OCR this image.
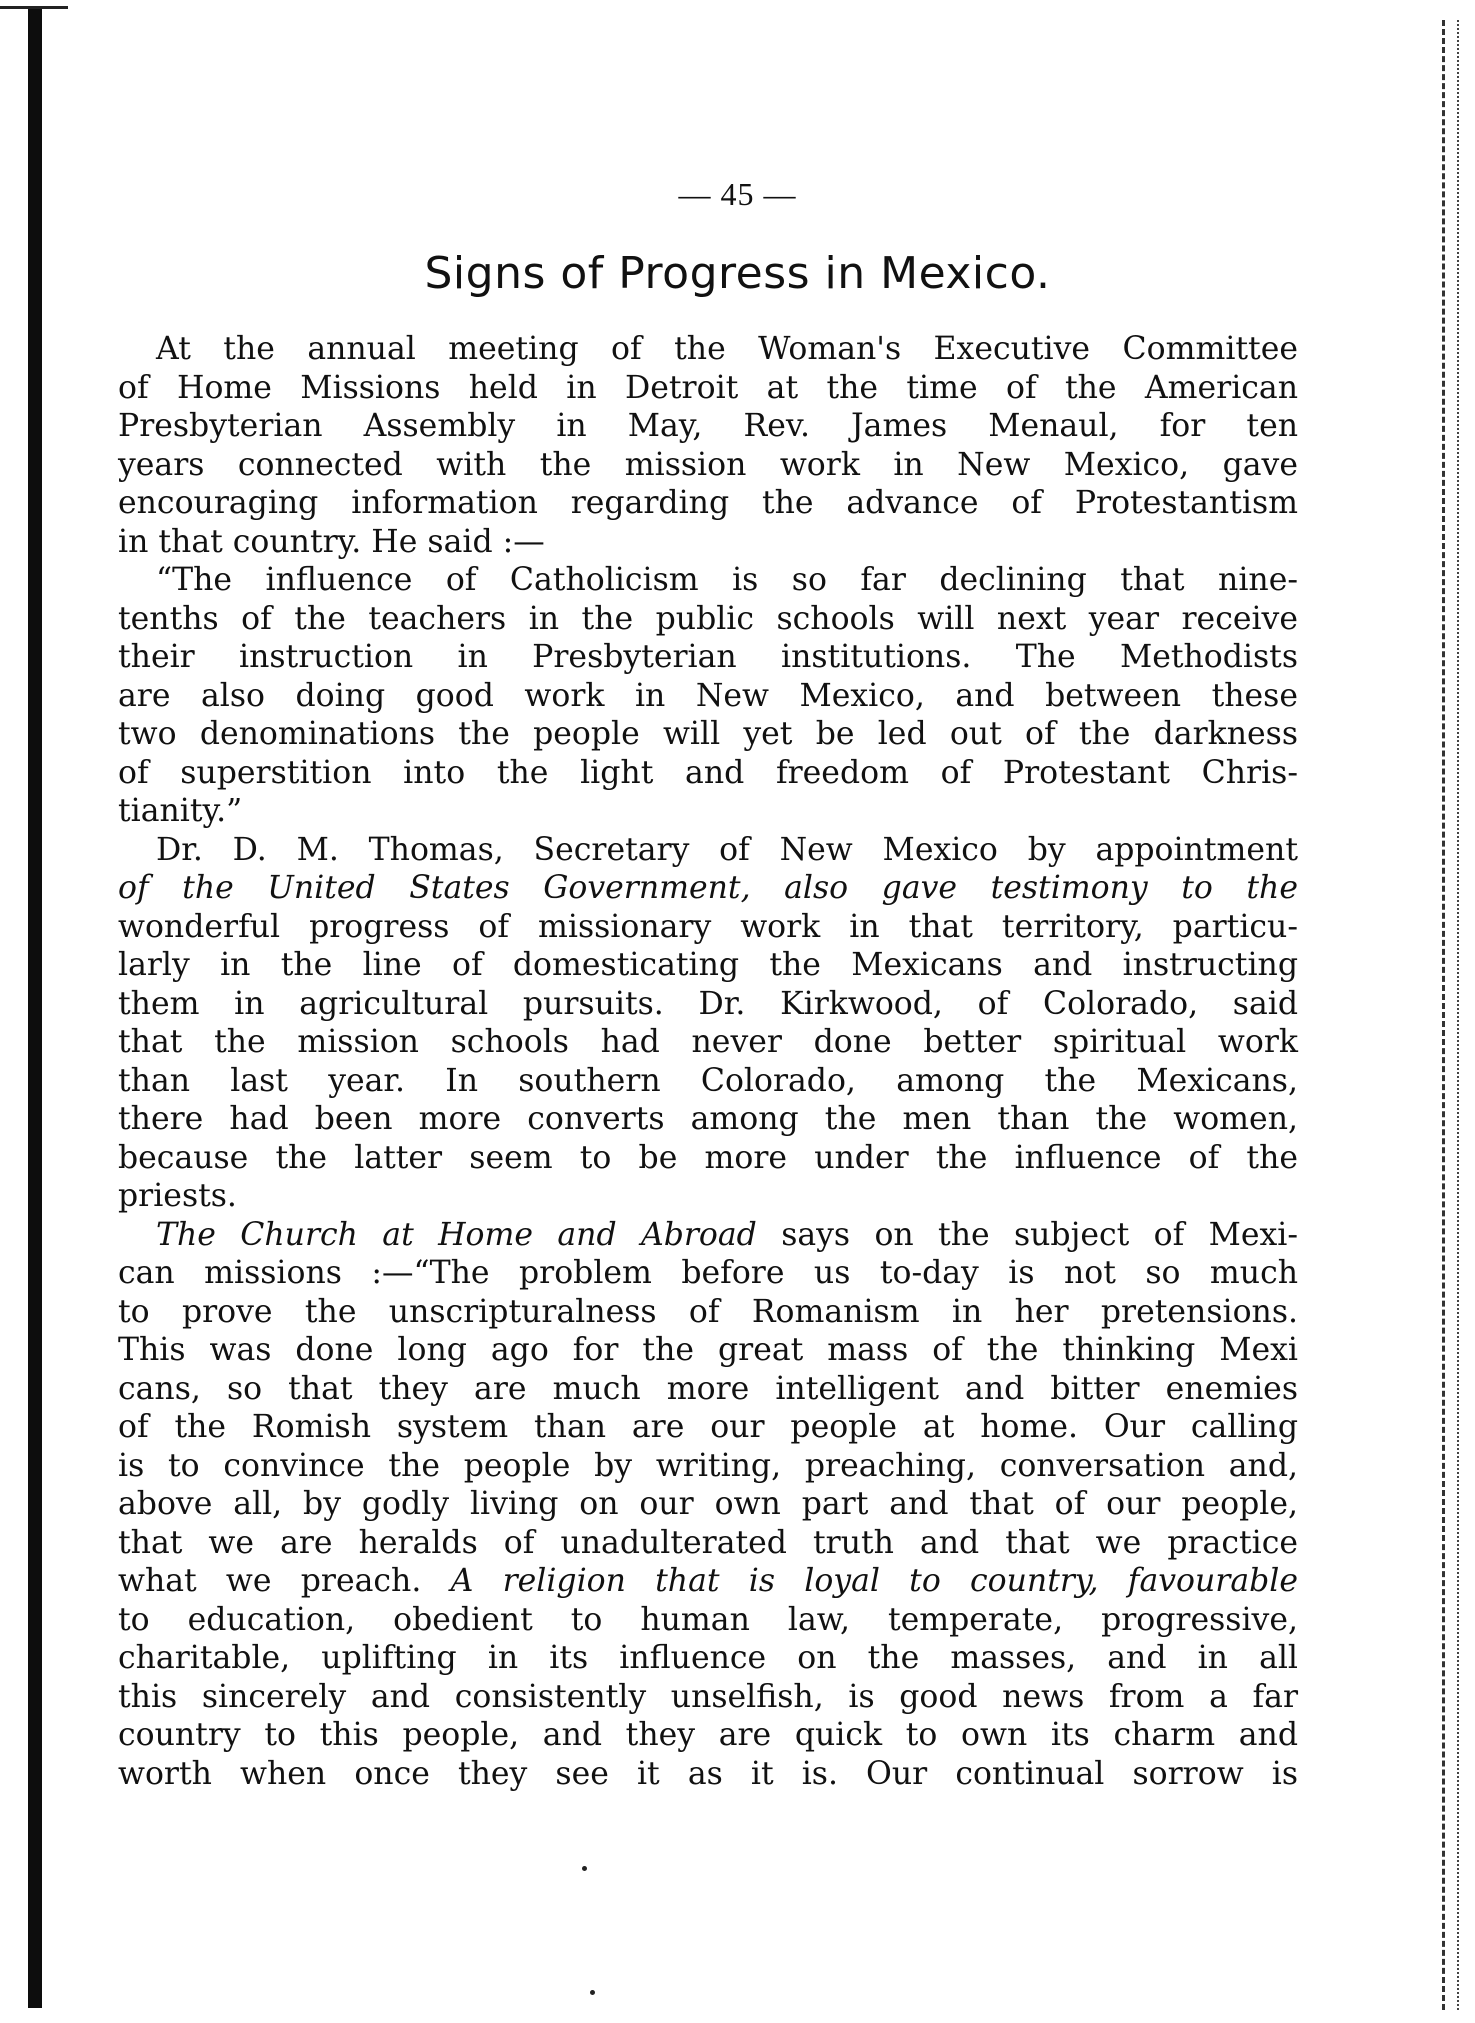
— 45 —
Signs of Progress in Mexico.
At the annual meeting of the Woman's Executive Committee
of Home Missions held in Detroit at the time of the American
Presbyterian Assembly in May, Rev. James Menaul, for ten
years connected with the mission work in New Mexico, gave
encouraging information regarding the advance of Protestantism
in that country. He said :—
“The influence of Catholicism is so far declining that nine-
tenths of the teachers in the public schools will next year receive
their instruction in Presbyterian institutions. The Methodists
are also doing good work in New Mexico, and between these
two denominations the people will yet be led out of the darkness
of superstition into the light and freedom of Protestant Chris-
tianity.”
Dr. D. M. Thomas, Secretary of New Mexico by appointment
of the United States Government, also gave testimony to the
wonderful progress of missionary work in that territory, particu-
larly in the line of domesticating the Mexicans and instructing
them in agricultural pursuits. Dr. Kirkwood, of Colorado, said
that the mission schools had never done better spiritual work
than last year. In southern Colorado, among the Mexicans,
there had been more converts among the men than the women,
because the latter seem to be more under the influence of the
priests.
The Church at Home and Abroad says on the subject of Mexi-
can missions :—“The problem before us to-day is not so much
to prove the unscripturalness of Romanism in her pretensions.
This was done long ago for the great mass of the thinking Mexi
cans, so that they are much more intelligent and bitter enemies
of the Romish system than are our people at home. Our calling
is to convince the people by writing, preaching, conversation and,
above all, by godly living on our own part and that of our people,
that we are heralds of unadulterated truth and that we practice
what we preach. A religion that is loyal to country, favourable
to education, obedient to human law, temperate, progressive,
charitable, uplifting in its influence on the masses, and in all
this sincerely and consistently unselfish, is good news from a far
country to this people, and they are quick to own its charm and
worth when once they see it as it is. Our continual sorrow is
